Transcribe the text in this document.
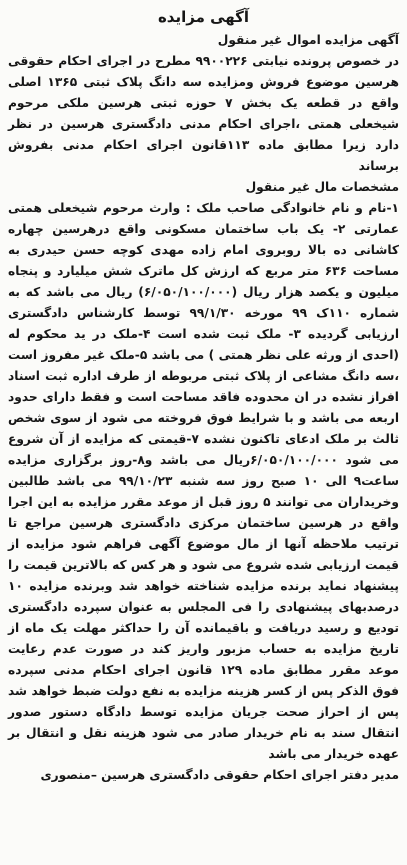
آگهی مزایده

آگهی مزایده اموال غیر منقول

در خصوص پرونده نیابتی ۹۹۰۰۲۲۶ مطرح در اجرای احکام حقوقی هرسین موضوع فروش ومزایده سه دانگ پلاک ثبتی ۱۳۶۵ اصلی واقع در قطعه یک بخش ۷ حوزه ثبتی هرسین ملکی مرحوم شیخعلی همتی ،اجرای احکام مدنی دادگستری هرسین در نظر دارد زیرا مطابق ماده ۱۱۳قانون اجرای احکام مدنی بفروش برساند

مشخصات مال غیر منقول

۱-نام و نام خانوادگی صاحب ملک : وارث مرحوم شیخعلی همتی عمارتی ۲- یک باب ساختمان مسکونی واقع درهرسین چهاره کاشانی ده بالا روبروی امام زاده مهدی کوچه حسن حیدری به مساحت ۶۳۶ متر مربع که ارزش کل ماترک شش میلیارد و پنجاه میلیون و یکصد هزار ریال (۶/۰۵۰/۱۰۰/۰۰۰) ریال می باشد که به شماره ۱۱۰ک ۹۹ مورخه ۹۹/۱/۳۰ توسط کارشناس دادگستری ارزیابی گردیده ۳- ملک ثبت شده است ۴-ملک در ید محکوم له (احدی از ورثه علی نظر همتی ) می باشد ۵-ملک غیر مفروز است ،سه دانگ مشاعی از پلاک ثبتی مربوطه از طرف اداره ثبت اسناد افراز نشده در ان محدوده فاقد مساحت است و فقط دارای حدود اربعه می باشد و با شرایط فوق فروخته می شود از سوی شخص ثالث بر ملک ادعای تاکنون نشده ۷-قیمتی که مزایده از آن شروع می شود ۶/۰۵۰/۱۰۰/۰۰۰ریال می باشد و۸-روز برگزاری مزایده ساعت۹ الی ۱۰ صبح روز سه شنبه ۹۹/۱۰/۲۳ می باشد طالبین وخریداران می توانند ۵ روز قبل از موعد مقرر مزایده به این اجرا واقع در هرسین ساختمان مرکزی دادگستری هرسین مراجع تا ترتیب ملاحظه آنها از مال موضوع آگهی فراهم شود مزایده از قیمت ارزیابی شده شروع می شود و هر کس که بالاترین قیمت را پیشنهاد نماید برنده مزایده شناخته خواهد شد وبرنده مزایده ۱۰ درصدبهای پیشنهادی را فی المجلس به عنوان سپرده دادگستری تودیع و رسید دریافت و باقیمانده آن را حداکثر مهلت یک ماه از تاریخ مزایده به حساب مزبور واریز کند در صورت عدم رعایت موعد مقرر مطابق ماده ۱۲۹ قانون اجرای احکام مدنی سپرده فوق الذکر پس از کسر هزینه مزایده به نفع دولت ضبط خواهد شد پس از احراز صحت جریان مزایده توسط دادگاه دستور صدور انتقال سند به نام خریدار صادر می شود هزینه نقل و انتقال بر عهده خریدار می باشد

مدیر دفتر اجرای احکام حقوقی دادگستری هرسین –منصوری
